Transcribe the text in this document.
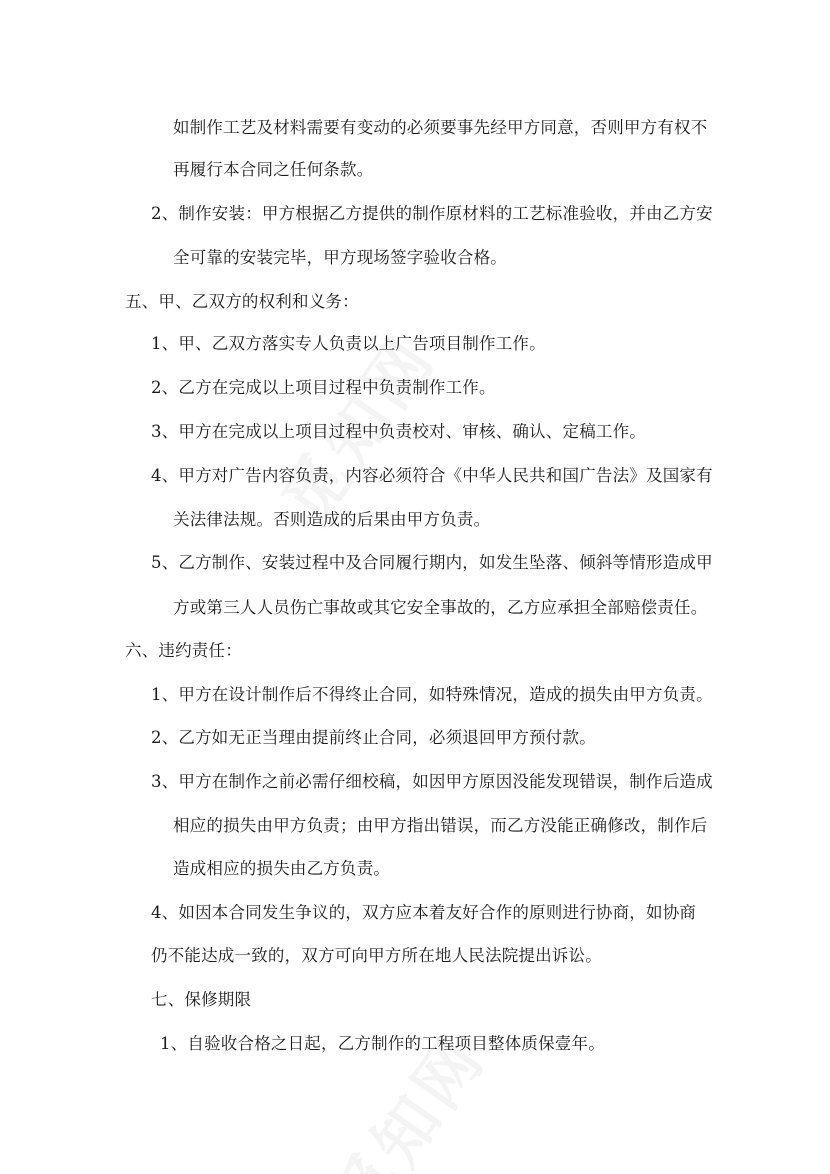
如制作工艺及材料需要有变动的必须要事先经甲方同意，否则甲方有权不
再履行本合同之任何条款。
2、制作安装：甲方根据乙方提供的制作原材料的工艺标准验收，并由乙方安
全可靠的安装完毕，甲方现场签字验收合格。
五、甲、乙双方的权利和义务：
1、甲、乙双方落实专人负责以上广告项目制作工作。
2、乙方在完成以上项目过程中负责制作工作。
3、甲方在完成以上项目过程中负责校对、审核、确认、定稿工作。
4、甲方对广告内容负责，内容必须符合《中华人民共和国广告法》及国家有
关法律法规。否则造成的后果由甲方负责。
5、乙方制作、安装过程中及合同履行期内，如发生坠落、倾斜等情形造成甲
方或第三人人员伤亡事故或其它安全事故的，乙方应承担全部赔偿责任。
六、违约责任：
1、甲方在设计制作后不得终止合同，如特殊情况，造成的损失由甲方负责。
2、乙方如无正当理由提前终止合同，必须退回甲方预付款。
3、甲方在制作之前必需仔细校稿，如因甲方原因没能发现错误，制作后造成
相应的损失由甲方负责；由甲方指出错误，而乙方没能正确修改，制作后
造成相应的损失由乙方负责。
4、如因本合同发生争议的，双方应本着友好合作的原则进行协商，如协商
仍不能达成一致的，双方可向甲方所在地人民法院提出诉讼。
七、保修期限
1、自验收合格之日起，乙方制作的工程项目整体质保壹年。
